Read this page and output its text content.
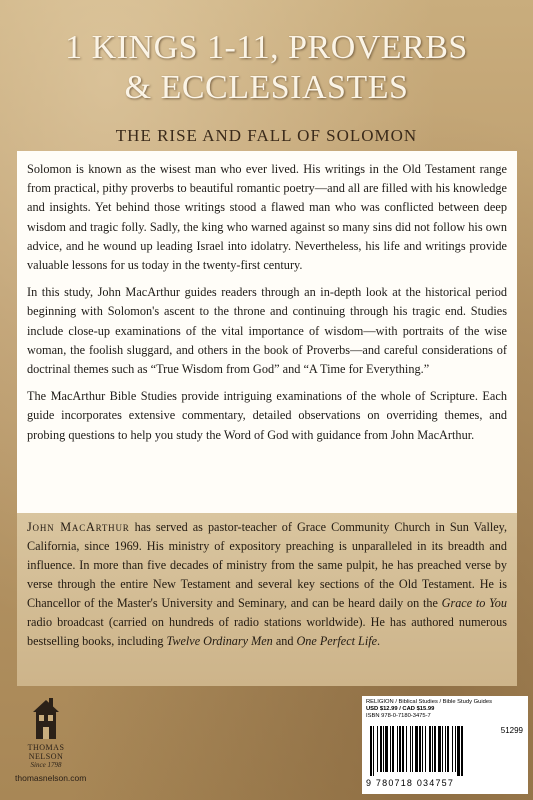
1 KINGS 1-11, PROVERBS
& ECCLESIASTES
THE RISE AND FALL OF SOLOMON

Solomon is known as the wisest man who ever lived. His writings in the Old Testament range from practical, pithy proverbs to beautiful romantic poetry—and all are filled with his knowledge and insights. Yet behind those writings stood a flawed man who was conflicted between deep wisdom and tragic folly. Sadly, the king who warned against so many sins did not follow his own advice, and he wound up leading Israel into idolatry. Nevertheless, his life and writings provide valuable lessons for us today in the twenty-first century.

In this study, John MacArthur guides readers through an in-depth look at the historical period beginning with Solomon's ascent to the throne and continuing through his tragic end. Studies include close-up examinations of the vital importance of wisdom—with portraits of the wise woman, the foolish sluggard, and others in the book of Proverbs—and careful considerations of doctrinal themes such as “True Wisdom from God” and “A Time for Everything.”

The MacArthur Bible Studies provide intriguing examinations of the whole of Scripture. Each guide incorporates extensive commentary, detailed observations on overriding themes, and probing questions to help you study the Word of God with guidance from John MacArthur.

John MacArthur has served as pastor-teacher of Grace Community Church in Sun Valley, California, since 1969. His ministry of expository preaching is unparalleled in its breadth and influence. In more than five decades of ministry from the same pulpit, he has preached verse by verse through the entire New Testament and several key sections of the Old Testament. He is Chancellor of the Master's University and Seminary, and can be heard daily on the Grace to You radio broadcast (carried on hundreds of radio stations worldwide). He has authored numerous bestselling books, including Twelve Ordinary Men and One Perfect Life.
THOMAS NELSON
Since 1798
thomasnelson.com
RELIGION / Biblical Studies / Bible Study Guides
USD $12.99 / CAD $15.99
ISBN 978-0-7180-3475-7
51299
9 780718 034757
